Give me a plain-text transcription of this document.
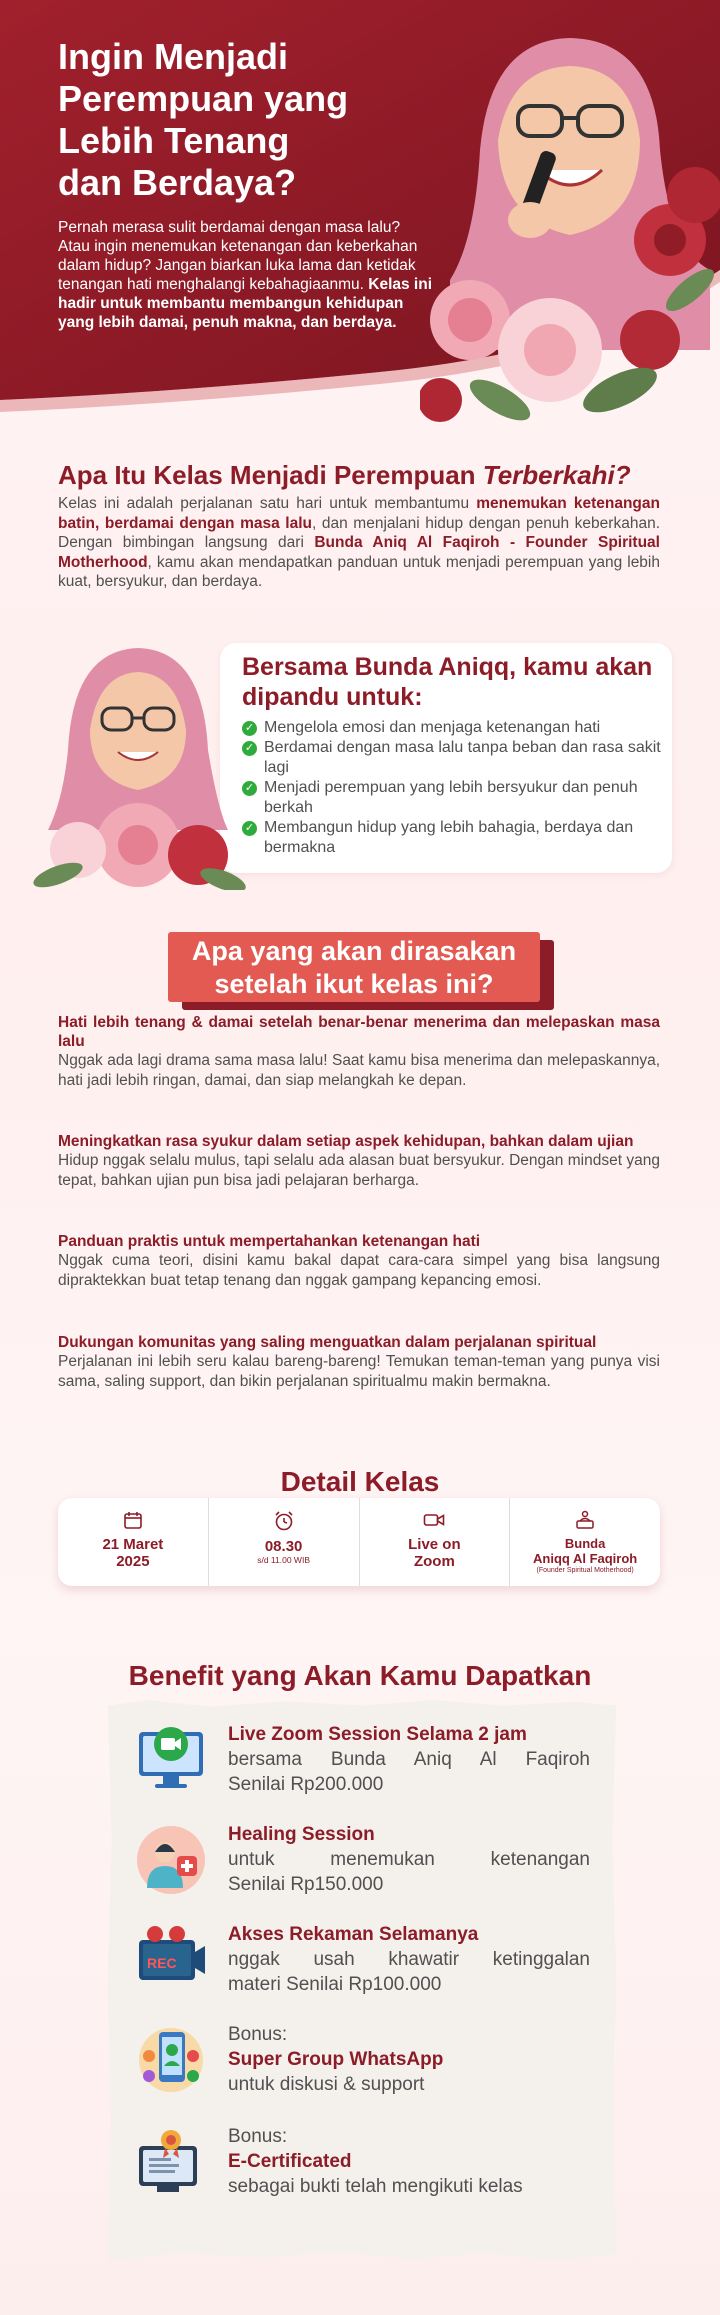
Ingin Menjadi
Perempuan yang
Lebih Tenang
dan Berdaya?
Pernah merasa sulit berdamai dengan masa lalu? Atau ingin menemukan ketenangan dan keberkahan dalam hidup? Jangan biarkan luka lama dan ketidak tenangan hati menghalangi kebahagiaanmu. Kelas ini hadir untuk membantu membangun kehidupan yang lebih damai, penuh makna, dan berdaya.
Apa Itu Kelas Menjadi Perempuan Terberkahi?
Kelas ini adalah perjalanan satu hari untuk membantumu menemukan ketenangan batin, berdamai dengan masa lalu, dan menjalani hidup dengan penuh keberkahan. Dengan bimbingan langsung dari Bunda Aniq Al Faqiroh - Founder Spiritual Motherhood, kamu akan mendapatkan panduan untuk menjadi perempuan yang lebih kuat, bersyukur, dan berdaya.
Bersama Bunda Aniqq, kamu akan dipandu untuk:
✓ Mengelola emosi dan menjaga ketenangan hati
✓ Berdamai dengan masa lalu tanpa beban dan rasa sakit lagi
✓ Menjadi perempuan yang lebih bersyukur dan penuh berkah
✓ Membangun hidup yang lebih bahagia, berdaya dan bermakna
Apa yang akan dirasakan
setelah ikut kelas ini?
Hati lebih tenang & damai setelah benar-benar menerima dan melepaskan masa lalu

Nggak ada lagi drama sama masa lalu! Saat kamu bisa menerima dan melepaskannya, hati jadi lebih ringan, damai, dan siap melangkah ke depan.

Meningkatkan rasa syukur dalam setiap aspek kehidupan, bahkan dalam ujian

Hidup nggak selalu mulus, tapi selalu ada alasan buat bersyukur. Dengan mindset yang tepat, bahkan ujian pun bisa jadi pelajaran berharga.

Panduan praktis untuk mempertahankan ketenangan hati

Nggak cuma teori, disini kamu bakal dapat cara-cara simpel yang bisa langsung dipraktekkan buat tetap tenang dan nggak gampang kepancing emosi.

Dukungan komunitas yang saling menguatkan dalam perjalanan spiritual

Perjalanan ini lebih seru kalau bareng-bareng! Temukan teman-teman yang punya visi sama, saling support, dan bikin perjalanan spiritualmu makin bermakna.

Detail Kelas
21 Maret
2025
08.30
s/d 11.00 WIB
Live on
Zoom
Bunda
Aniqq Al Faqiroh
(Founder Spiritual Motherhood)
Benefit yang Akan Kamu Dapatkan
Live Zoom Session Selama 2 jam
bersama Bunda Aniq Al Faqiroh
Senilai Rp200.000
Healing Session
untuk menemukan ketenangan
Senilai Rp150.000
REC
Akses Rekaman Selamanya
nggak usah khawatir ketinggalan
materi Senilai Rp100.000
Bonus:
Super Group WhatsApp
untuk diskusi & support
Bonus:
E-Certificated
sebagai bukti telah mengikuti kelas
